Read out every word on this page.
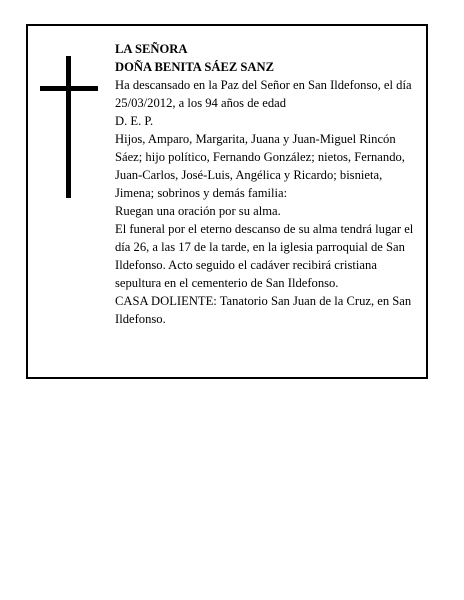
LA SEÑORA
DOÑA BENITA SÁEZ SANZ
Ha descansado en la Paz del Señor en San Ildefonso, el día 25/03/2012, a los 94 años de edad
D. E. P.
Hijos, Amparo, Margarita, Juana y Juan-Miguel Rincón Sáez; hijo político, Fernando González; nietos, Fernando, Juan-Carlos, José-Luis, Angélica y Ricardo; bisnieta, Jimena; sobrinos y demás familia:
Ruegan una oración por su alma.
El funeral por el eterno descanso de su alma tendrá lugar el día 26, a las 17 de la tarde, en la iglesia parroquial de San Ildefonso. Acto seguido el cadáver recibirá cristiana sepultura en el cementerio de San Ildefonso.
CASA DOLIENTE: Tanatorio San Juan de la Cruz, en San Ildefonso.
